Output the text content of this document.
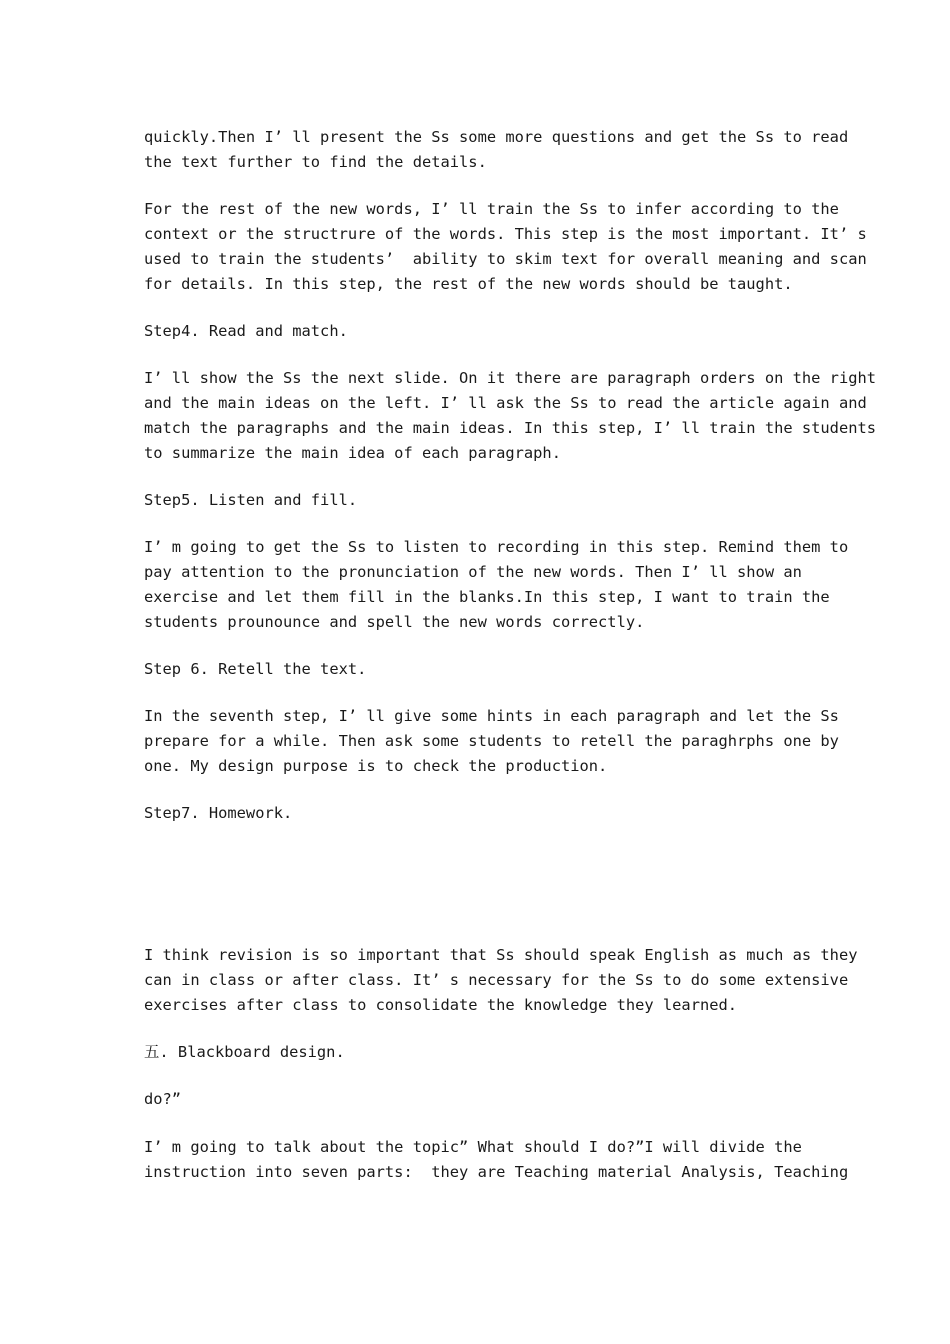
quickly.Then I’ ll present the Ss some more questions and get the Ss to read
the text further to find the details.
For the rest of the new words, I’ ll train the Ss to infer according to the
context or the structrure of the words. This step is the most important. It’ s
used to train the students’  ability to skim text for overall meaning and scan
for details. In this step, the rest of the new words should be taught.
Step4. Read and match.
I’ ll show the Ss the next slide. On it there are paragraph orders on the right
and the main ideas on the left. I’ ll ask the Ss to read the article again and
match the paragraphs and the main ideas. In this step, I’ ll train the students
to summarize the main idea of each paragraph.
Step5. Listen and fill.
I’ m going to get the Ss to listen to recording in this step. Remind them to
pay attention to the pronunciation of the new words. Then I’ ll show an
exercise and let them fill in the blanks.In this step, I want to train the
students prounounce and spell the new words correctly.
Step 6. Retell the text.
In the seventh step, I’ ll give some hints in each paragraph and let the Ss
prepare for a while. Then ask some students to retell the paraghrphs one by
one. My design purpose is to check the production.
Step7. Homework.
I think revision is so important that Ss should speak English as much as they
can in class or after class. It’ s necessary for the Ss to do some extensive
exercises after class to consolidate the knowledge they learned.
五. Blackboard design.
do?”
I’ m going to talk about the topic” What should I do?”I will divide the
instruction into seven parts:  they are Teaching material Analysis, Teaching
